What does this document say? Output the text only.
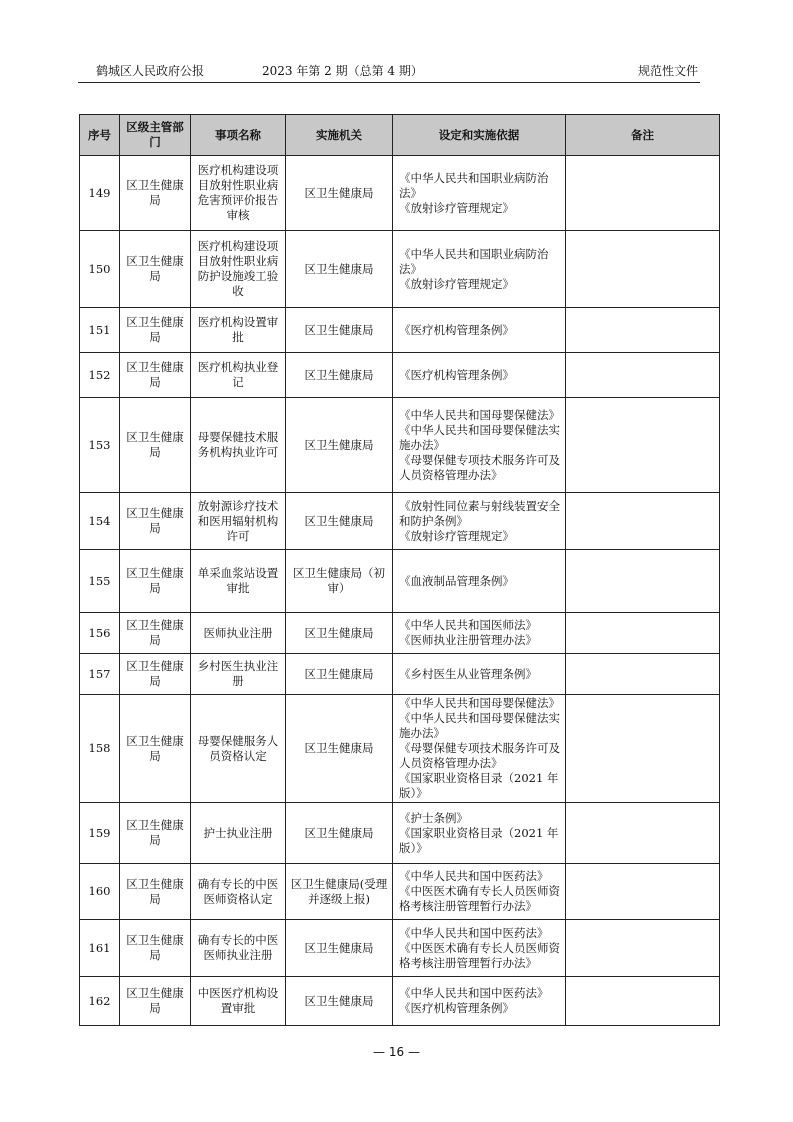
鹤城区人民政府公报	2023 年第 2 期（总第 4 期）	规范性文件
序号	区级主管部门	事项名称	实施机关	设定和实施依据	备注
149	区卫生健康局	医疗机构建设项目放射性职业病危害预评价报告审核	区卫生健康局	《中华人民共和国职业病防治法》
《放射诊疗管理规定》	

150	区卫生健康局	医疗机构建设项目放射性职业病防护设施竣工验收	区卫生健康局	《中华人民共和国职业病防治法》
《放射诊疗管理规定》	

151	区卫生健康局	医疗机构设置审批	区卫生健康局	《医疗机构管理条例》	

152	区卫生健康局	医疗机构执业登记	区卫生健康局	《医疗机构管理条例》	

153	区卫生健康局	母婴保健技术服务机构执业许可	区卫生健康局	《中华人民共和国母婴保健法》
《中华人民共和国母婴保健法实施办法》
《母婴保健专项技术服务许可及人员资格管理办法》	

154	区卫生健康局	放射源诊疗技术和医用辐射机构许可	区卫生健康局	《放射性同位素与射线装置安全和防护条例》
《放射诊疗管理规定》	

155	区卫生健康局	单采血浆站设置审批	区卫生健康局（初审）	《血液制品管理条例》	

156	区卫生健康局	医师执业注册	区卫生健康局	《中华人民共和国医师法》
《医师执业注册管理办法》	

157	区卫生健康局	乡村医生执业注册	区卫生健康局	《乡村医生从业管理条例》	

158	区卫生健康局	母婴保健服务人员资格认定	区卫生健康局	《中华人民共和国母婴保健法》
《中华人民共和国母婴保健法实施办法》
《母婴保健专项技术服务许可及人员资格管理办法》
《国家职业资格目录（2021 年版）》	

159	区卫生健康局	护士执业注册	区卫生健康局	《护士条例》
《国家职业资格目录（2021 年版）》	

160	区卫生健康局	确有专长的中医医师资格认定	区卫生健康局(受理并逐级上报)	《中华人民共和国中医药法》
《中医医术确有专长人员医师资格考核注册管理暂行办法》	

161	区卫生健康局	确有专长的中医医师执业注册	区卫生健康局	《中华人民共和国中医药法》
《中医医术确有专长人员医师资格考核注册管理暂行办法》	

162	区卫生健康局	中医医疗机构设置审批	区卫生健康局	《中华人民共和国中医药法》
《医疗机构管理条例》	

— 16 —
